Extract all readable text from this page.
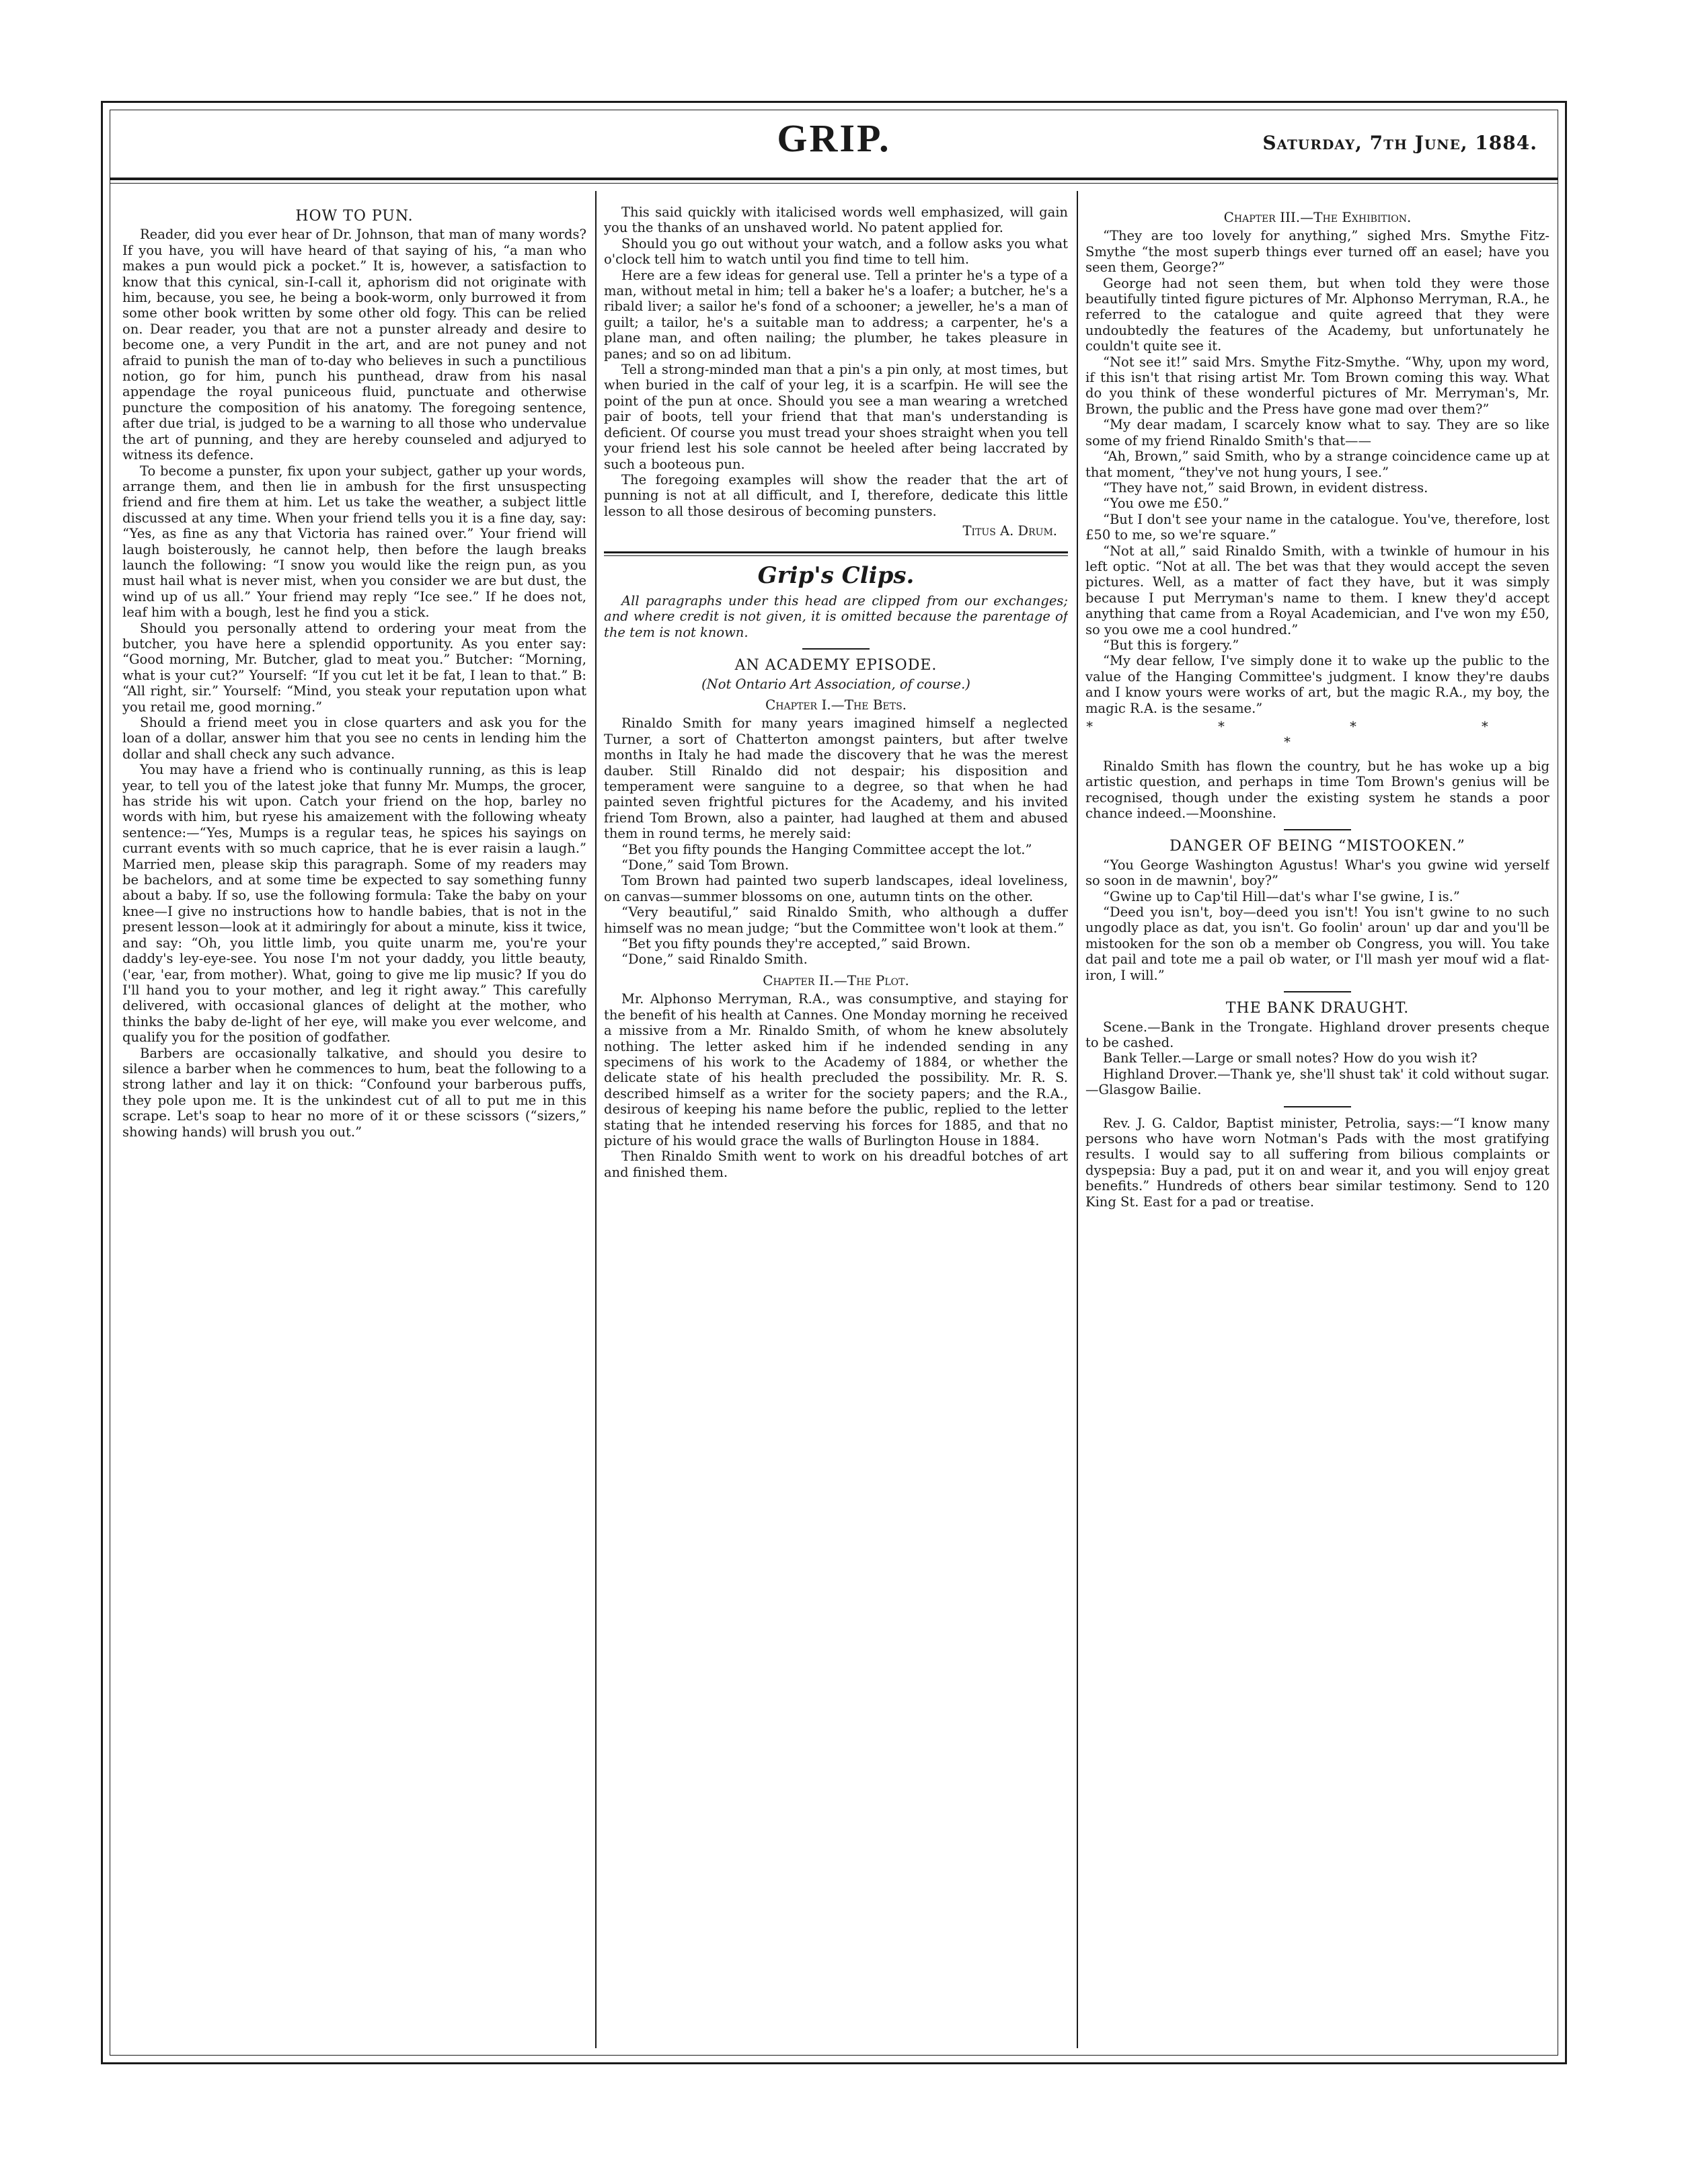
GRIP.	Saturday, 7th June, 1884.
HOW TO PUN.

Reader, did you ever hear of Dr. Johnson, that man of many words? If you have, you will have heard of that saying of his, “a man who makes a pun would pick a pocket.” It is, however, a satisfaction to know that this cynical, sin-I-call it, aphorism did not originate with him, because, you see, he being a book-worm, only burrowed it from some other book written by some other old fogy. This can be relied on. Dear reader, you that are not a punster already and desire to become one, a very Pundit in the art, and are not puney and not afraid to punish the man of to-day who believes in such a punctilious notion, go for him, punch his punthead, draw from his nasal appendage the royal puniceous fluid, punctuate and otherwise puncture the composition of his anatomy. The foregoing sentence, after due trial, is judged to be a warning to all those who undervalue the art of punning, and they are hereby counseled and adjuryed to witness its defence.

To become a punster, fix upon your subject, gather up your words, arrange them, and then lie in ambush for the first unsuspecting friend and fire them at him. Let us take the weather, a subject little discussed at any time. When your friend tells you it is a fine day, say: “Yes, as fine as any that Victoria has rained over.” Your friend will laugh boisterously, he cannot help, then before the laugh breaks launch the following: “I snow you would like the reign pun, as you must hail what is never mist, when you consider we are but dust, the wind up of us all.” Your friend may reply “Ice see.” If he does not, leaf him with a bough, lest he find you a stick.

Should you personally attend to ordering your meat from the butcher, you have here a splendid opportunity. As you enter say: “Good morning, Mr. Butcher, glad to meat you.” Butcher: “Morning, what is your cut?” Yourself: “If you cut let it be fat, I lean to that.” B: “All right, sir.” Yourself: “Mind, you steak your reputation upon what you retail me, good morning.”

Should a friend meet you in close quarters and ask you for the loan of a dollar, answer him that you see no cents in lending him the dollar and shall check any such advance.

You may have a friend who is continually running, as this is leap year, to tell you of the latest joke that funny Mr. Mumps, the grocer, has stride his wit upon. Catch your friend on the hop, barley no words with him, but ryese his amaizement with the following wheaty sentence:—“Yes, Mumps is a regular teas, he spices his sayings on currant events with so much caprice, that he is ever raisin a laugh.” Married men, please skip this paragraph. Some of my readers may be bachelors, and at some time be expected to say something funny about a baby. If so, use the following formula: Take the baby on your knee—I give no instructions how to handle babies, that is not in the present lesson—look at it admiringly for about a minute, kiss it twice, and say: “Oh, you little limb, you quite unarm me, you're your daddy's ley-eye-see. You nose I'm not your daddy, you little beauty, ('ear, 'ear, from mother). What, going to give me lip music? If you do I'll hand you to your mother, and leg it right away.” This carefully delivered, with occasional glances of delight at the mother, who thinks the baby de-light of her eye, will make you ever welcome, and qualify you for the position of godfather.

Barbers are occasionally talkative, and should you desire to silence a barber when he commences to hum, beat the following to a strong lather and lay it on thick: “Confound your barberous puffs, they pole upon me. It is the unkindest cut of all to put me in this scrape. Let's soap to hear no more of it or these scissors (“sizers,” showing hands) will brush you out.”

This said quickly with italicised words well emphasized, will gain you the thanks of an unshaved world. No patent applied for.

Should you go out without your watch, and a follow asks you what o'clock tell him to watch until you find time to tell him.

Here are a few ideas for general use. Tell a printer he's a type of a man, without metal in him; tell a baker he's a loafer; a butcher, he's a ribald liver; a sailor he's fond of a schooner; a jeweller, he's a man of guilt; a tailor, he's a suitable man to address; a carpenter, he's a plane man, and often nailing; the plumber, he takes pleasure in panes; and so on ad libitum.

Tell a strong-minded man that a pin's a pin only, at most times, but when buried in the calf of your leg, it is a scarfpin. He will see the point of the pun at once. Should you see a man wearing a wretched pair of boots, tell your friend that that man's understanding is deficient. Of course you must tread your shoes straight when you tell your friend lest his sole cannot be heeled after being laccrated by such a booteous pun.

The foregoing examples will show the reader that the art of punning is not at all difficult, and I, therefore, dedicate this little lesson to all those desirous of becoming punsters.

Titus A. Drum.
Grip's Clips.

All paragraphs under this head are clipped from our exchanges; and where credit is not given, it is omitted because the parentage of the tem is not known.

AN ACADEMY EPISODE.
(Not Ontario Art Association, of course.)
Chapter I.—The Bets.

Rinaldo Smith for many years imagined himself a neglected Turner, a sort of Chatterton amongst painters, but after twelve months in Italy he had made the discovery that he was the merest dauber. Still Rinaldo did not despair; his disposition and temperament were sanguine to a degree, so that when he had painted seven frightful pictures for the Academy, and his invited friend Tom Brown, also a painter, had laughed at them and abused them in round terms, he merely said:

“Bet you fifty pounds the Hanging Committee accept the lot.”

“Done,” said Tom Brown.

Tom Brown had painted two superb landscapes, ideal loveliness, on canvas—summer blossoms on one, autumn tints on the other.

“Very beautiful,” said Rinaldo Smith, who although a duffer himself was no mean judge; “but the Committee won't look at them.”

“Bet you fifty pounds they're accepted,” said Brown.

“Done,” said Rinaldo Smith.

Chapter II.—The Plot.

Mr. Alphonso Merryman, R.A., was consumptive, and staying for the benefit of his health at Cannes. One Monday morning he received a missive from a Mr. Rinaldo Smith, of whom he knew absolutely nothing. The letter asked him if he indended sending in any specimens of his work to the Academy of 1884, or whether the delicate state of his health precluded the possibility. Mr. R. S. described himself as a writer for the society papers; and the R.A., desirous of keeping his name before the public, replied to the letter stating that he intended reserving his forces for 1885, and that no picture of his would grace the walls of Burlington House in 1884.

Then Rinaldo Smith went to work on his dreadful botches of art and finished them.

Chapter III.—The Exhibition.

“They are too lovely for anything,” sighed Mrs. Smythe Fitz-Smythe “the most superb things ever turned off an easel; have you seen them, George?”

George had not seen them, but when told they were those beautifully tinted figure pictures of Mr. Alphonso Merryman, R.A., he referred to the catalogue and quite agreed that they were undoubtedly the features of the Academy, but unfortunately he couldn't quite see it.

“Not see it!” said Mrs. Smythe Fitz-Smythe. “Why, upon my word, if this isn't that rising artist Mr. Tom Brown coming this way. What do you think of these wonderful pictures of Mr. Merryman's, Mr. Brown, the public and the Press have gone mad over them?”

“My dear madam, I scarcely know what to say. They are so like some of my friend Rinaldo Smith's that——

“Ah, Brown,” said Smith, who by a strange coincidence came up at that moment, “they've not hung yours, I see.”

“They have not,” said Brown, in evident distress.

“You owe me £50.”

“But I don't see your name in the catalogue. You've, therefore, lost £50 to me, so we're square.”

“Not at all,” said Rinaldo Smith, with a twinkle of humour in his left optic. “Not at all. The bet was that they would accept the seven pictures. Well, as a matter of fact they have, but it was simply because I put Merryman's name to them. I knew they'd accept anything that came from a Royal Academician, and I've won my £50, so you owe me a cool hundred.”

“But this is forgery.”

“My dear fellow, I've simply done it to wake up the public to the value of the Hanging Committee's judgment. I know they're daubs and I know yours were works of art, but the magic R.A., my boy, the magic R.A. is the sesame.”

* * * * *

Rinaldo Smith has flown the country, but he has woke up a big artistic question, and perhaps in time Tom Brown's genius will be recognised, though under the existing system he stands a poor chance indeed.—Moonshine.

DANGER OF BEING “MISTOOKEN.”

“You George Washington Agustus! Whar's you gwine wid yerself so soon in de mawnin', boy?”

“Gwine up to Cap'til Hill—dat's whar I'se gwine, I is.”

“Deed you isn't, boy—deed you isn't! You isn't gwine to no such ungodly place as dat, you isn't. Go foolin' aroun' up dar and you'll be mistooken for the son ob a member ob Congress, you will. You take dat pail and tote me a pail ob water, or I'll mash yer mouf wid a flat-iron, I will.”

THE BANK DRAUGHT.

Scene.—Bank in the Trongate. Highland drover presents cheque to be cashed.

Bank Teller.—Large or small notes? How do you wish it?

Highland Drover.—Thank ye, she'll shust tak' it cold without sugar.—Glasgow Bailie.

Rev. J. G. Caldor, Baptist minister, Petrolia, says:—“I know many persons who have worn Notman's Pads with the most gratifying results. I would say to all suffering from bilious complaints or dyspepsia: Buy a pad, put it on and wear it, and you will enjoy great benefits.” Hundreds of others bear similar testimony. Send to 120 King St. East for a pad or treatise.
